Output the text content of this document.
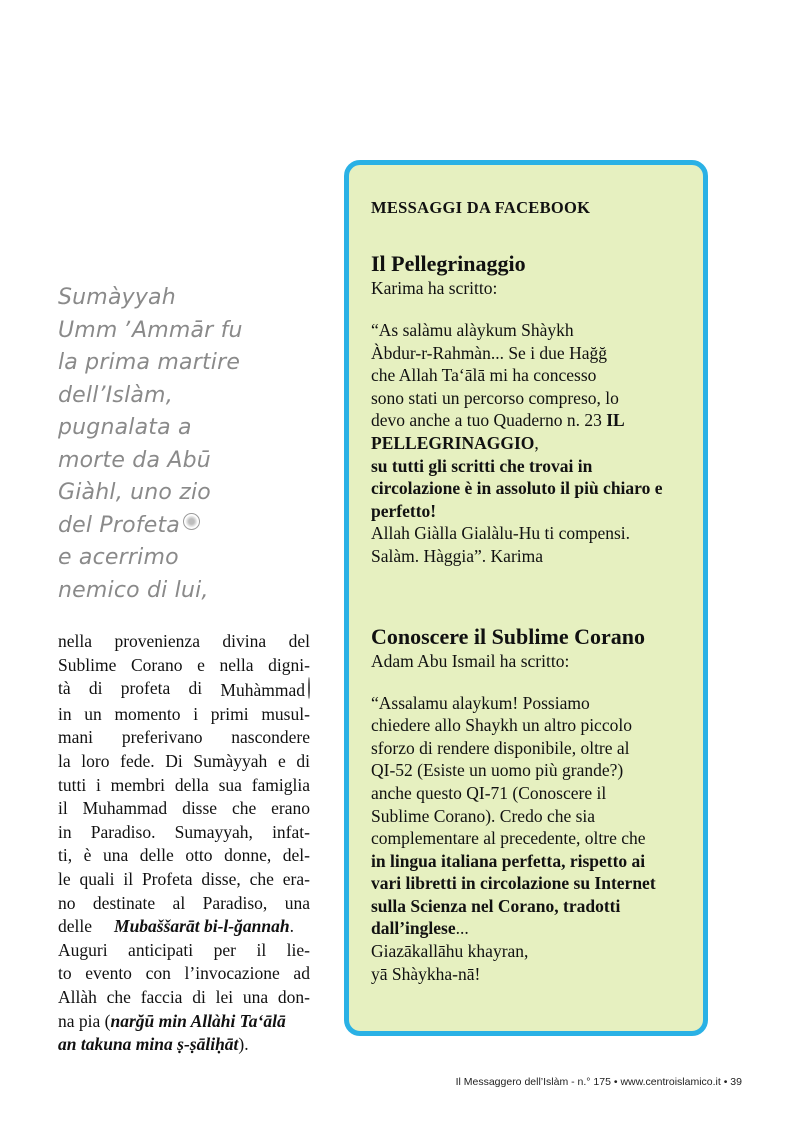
Sumàyyah
Umm ʼAmmār fu
la prima martire
dell’Islàm,
pugnalata a
morte da Abū
Giàhl, uno zio
del Profeta
e acerrimo
nemico di lui,
nella provenienza divina del
Sublime Corano e nella digni-
tà di profeta di Muhàmmad
in un momento i primi musul-
mani preferivano nascondere
la loro fede. Di Sumàyyah e di
tutti i membri della sua famiglia
il Muhammad disse che erano
in Paradiso. Sumayyah, infat-
ti, è una delle otto donne, del-
le quali il Profeta disse, che era-
no destinate al Paradiso, una
delle Mubaššarāt bi-l-ğannah .
Auguri anticipati per il lie-
to evento con l’invocazione ad
Allàh che faccia di lei una don-
na pia ( narğū min Allàhi Taʻālā
an takuna mina ṣ-ṣāliḥāt ).

MESSAGGI DA FACEBOOK

Il Pellegrinaggio

Karima ha scritto:

“As salàmu alàykum Shàykh
Àbdur-r-Rahmàn... Se i due Hağğ
che Allah Taʻālā mi ha concesso
sono stati un percorso compreso, lo
devo anche a tuo Quaderno n. 23 IL
PELLEGRINAGGIO,
su tutti gli scritti che trovai in
circolazione è in assoluto il più chiaro e
perfetto!
Allah Giàlla Gialàlu-Hu ti compensi.
Salàm. Hàggia”. Karima

Conoscere il Sublime Corano

Adam Abu Ismail ha scritto:

“Assalamu alaykum! Possiamo
chiedere allo Shaykh un altro piccolo
sforzo di rendere disponibile, oltre al
QI-52 (Esiste un uomo più grande?)
anche questo QI-71 (Conoscere il
Sublime Corano). Credo che sia
complementare al precedente, oltre che
in lingua italiana perfetta, rispetto ai
vari libretti in circolazione su Internet
sulla Scienza nel Corano, tradotti
dall’inglese...
Giazākallāhu khayran,
yā Shàykha-nā!
Il Messaggero dell’Islàm - n.° 175 • www.centroislamico.it • 39
